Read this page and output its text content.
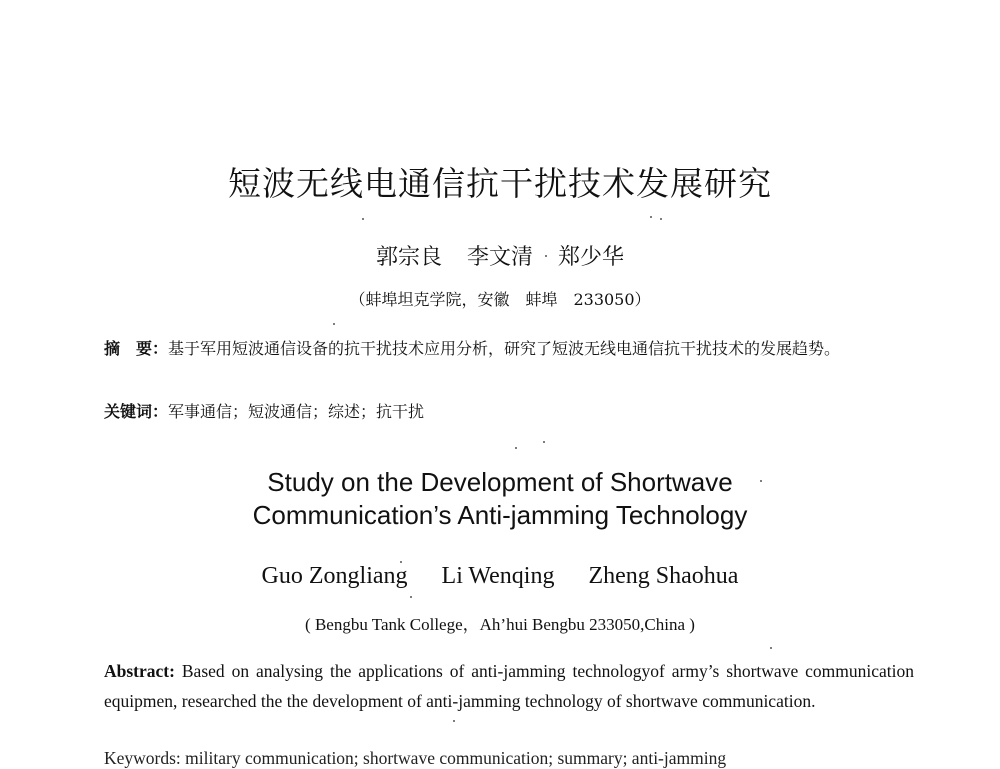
短波无线电通信抗干扰技术发展研究
郭宗良 李文清 郑少华
（蚌埠坦克学院，安徽　蚌埠　233050）
摘　要：基于军用短波通信设备的抗干扰技术应用分析，研究了短波无线电通信抗干扰技术的发展趋势。
关键词：军事通信；短波通信；综述；抗干扰
Study on the Development of Shortwave
Communication’s Anti-jamming Technology
Guo Zongliang Li Wenqing Zheng Shaohua
( Bengbu Tank College，Ah’hui Bengbu 233050,China )
Abstract: Based on analysing the applications of anti-jamming technologyof army’s shortwave communication equipmen, researched the the development of anti-jamming technology of shortwave communication.
Keywords: military communication; shortwave communication; summary; anti-jamming
